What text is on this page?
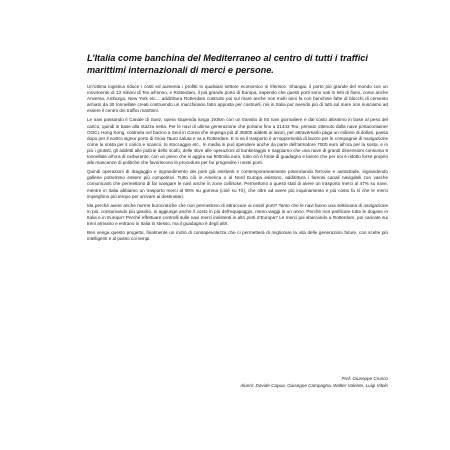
L’Italia come banchina del Mediterraneo al centro di tutti i traffici marittimi internazionali di merci e persone.

Un’ottima logistica riduce i costi ed aumenta i profitti in qualsiasi settore economico si riferisce. Shangai, il porto più grande del mondo con un movimento di 13 milioni di Teu all’anno, e Rotterdam, il più grande porto di Europa, sapendo che questi porti sono nati in letti di fiumi, come anche Anversa, Amburgo, New York etc… addirittura Rotterdam costruito poi sul mare anche non molti anni fa con banchine fatte di blocchi di cemento armato da 40 tonnellate creati costruendo un macchinario fatto apposta per costruirli, noi in Italia pur avendo più di tutti sul mare non riusciamo ad essere il centro dei traffici marittimi.

Le navi passando il Canale di Suez, opera stupenda lunga 193km con un transito di 50 navi giornaliere e dal costo altissimo in base al peso del carico, quindi in base alla stazza netta. Per le navi di ultima generazione che portano fino a 21443 Teu, primato ottenuto dalla nave portacontainer OOCL Hong Kong, costruita nel bacino a Seul in Corea che impiega più di 35000 addetti ai lavori, per attraversarlo paga un milione di dollari, passa dopo per il nostro signor porto di Gioia Tauro saluta e va a Rotterdam. E si sa il trasporto è un’opportunità di lavoro per le compagnie di navigazione come la sosta per il carico e scarico, lo stoccaggio etc.. In media si può spendere anche da parte dell’armatore 7000 euro all’ora per la sosta, e in più i grutisti, gli addetti alle pulizie dello scafo, delle stive alle operazioni di bunkeraggio e sappiamo che una nave di grandi dimensioni consuma 9 tonnellate all’ora di carburante, con un pieno che si aggira sui 900mila euro, tutto ciò è fonte di guadagno e lavoro che per noi è ridotto forse proprio alle mancanze di politiche che favoriscono le procedure per far progredire i nostri porti.

Quindi operazioni di dragaggio e ingrandimento dei porti già esistenti e contemporaneamente potenziando ferrovie e autostrade, ingrandendo gallerie potremmo essere più competitivi. Tutto ciò in America o al Nord Europa esistono, addirittura i famosi canali navigabili con vasche comunicanti che permettono di far navigare le navi anche in zone collinose. Permettono a questi stati di avere un trasporto merci al 47% su nave, mentre in Italia abbiamo un trasporto merci al 90% su gomma (cioè su Tir), che oltre ad avere più inquinamento e più costo fa sì che le merci impieghino più tempo per arrivare ai destinatari.

Ma perché avere anche norme burocratiche che non permettono di attraccare ai nostri porti? Tanto che le navi fanno una settimana di navigazione in più, consumando più gasolio, si aggiunge anche il costo in più dell’equipaggio, meno viaggi in un anno. Perché non parificare tutte le dogane in Italia e in Europa? Perché effettuare controlli sulle navi merci insistenti in altri porti d’Europa? Le merci poi sbarcando a Rotterdam, poi caricate sui treni arrivano e entrano in Italia lo stesso, ma il guadagno è degli altri.

Ben venga questo progetto, finalmente un inizio di consapevolezza che ci permetterà di migliorare la vita delle generazioni future, con scelte più intelligenti e al passo coi tempi.

Prof. Giuseppe Crusco
Alunni: Davide Capua, Giuseppe Campagna, Walter Valente, Luigi Vitolo
